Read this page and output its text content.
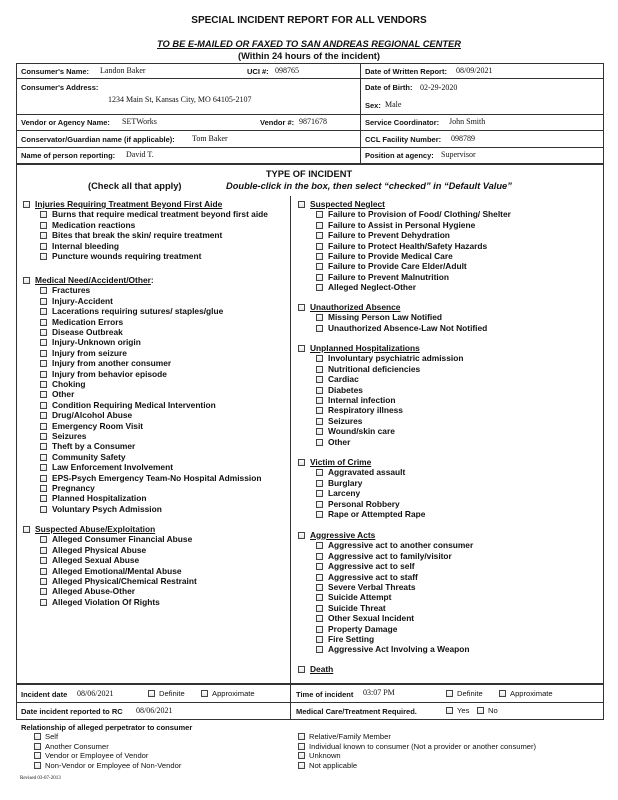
SPECIAL INCIDENT REPORT FOR ALL VENDORS
TO BE E-MAILED OR FAXED TO SAN ANDREAS REGIONAL CENTER
(Within 24 hours of the incident)
Consumer's Name: Landon Baker	UCI #: 098765	Date of Written Report: 08/09/2021
Consumer's Address:
1234 Main St, Kansas City, MO 64105-2107
Date of Birth: 02-29-2020
Sex: Male
Vendor or Agency Name: SETWorks	Vendor #: 9871678	Service Coordinator: John Smith
Conservator/Guardian name (if applicable): Tom Baker	CCL Facility Number: 098789
Name of person reporting: David T.	Position at agency: Supervisor
TYPE OF INCIDENT
(Check all that apply)	Double-click in the box, then select “checked” in “Default Value”
Injuries Requiring Treatment Beyond First Aide
Burns that require medical treatment beyond first aide
Medication reactions
Bites that break the skin/ require treatment
Internal bleeding
Puncture wounds requiring treatment
Medical Need/Accident/Other:
Fractures
Injury-Accident
Lacerations requiring sutures/ staples/glue
Medication Errors
Disease Outbreak
Injury-Unknown origin
Injury from seizure
Injury from another consumer
Injury from behavior episode
Choking
Other
Condition Requiring Medical Intervention
Drug/Alcohol Abuse
Emergency Room Visit
Seizures
Theft by a Consumer
Community Safety
Law Enforcement Involvement
EPS-Psych Emergency Team-No Hospital Admission
Pregnancy
Planned Hospitalization
Voluntary Psych Admission
Suspected Abuse/Exploitation
Alleged Consumer Financial Abuse
Alleged Physical Abuse
Alleged Sexual Abuse
Alleged Emotional/Mental Abuse
Alleged Physical/Chemical Restraint
Alleged Abuse-Other
Alleged Violation Of Rights
Suspected Neglect
Failure to Provision of Food/ Clothing/ Shelter
Failure to Assist in Personal Hygiene
Failure to Prevent Dehydration
Failure to Protect Health/Safety Hazards
Failure to Provide Medical Care
Failure to Provide Care Elder/Adult
Failure to Prevent Malnutrition
Alleged Neglect-Other
Unauthorized Absence
Missing Person Law Notified
Unauthorized Absence-Law Not Notified
Unplanned Hospitalizations
Involuntary psychiatric admission
Nutritional deficiencies
Cardiac
Diabetes
Internal infection
Respiratory illness
Seizures
Wound/skin care
Other
Victim of Crime
Aggravated assault
Burglary
Larceny
Personal Robbery
Rape or Attempted Rape
Aggressive Acts
Aggressive act to another consumer
Aggressive act to family/visitor
Aggressive act to self
Aggressive act to staff
Severe Verbal Threats
Suicide Attempt
Suicide Threat
Other Sexual Incident
Property Damage
Fire Setting
Aggressive Act Involving a Weapon
Death
Incident date 08/06/2021	Definite	Approximate	Time of incident 03:07 PM	Definite	Approximate
Date incident reported to RC 08/06/2021	Medical Care/Treatment Required.	Yes	No
Relationship of alleged perpetrator to consumer
Self
Another Consumer
Vendor or Employee of Vendor
Non-Vendor or Employee of Non-Vendor
Relative/Family Member
Individual known to consumer (Not a provider or another consumer)
Unknown
Not applicable
Revised 03-07-2013
